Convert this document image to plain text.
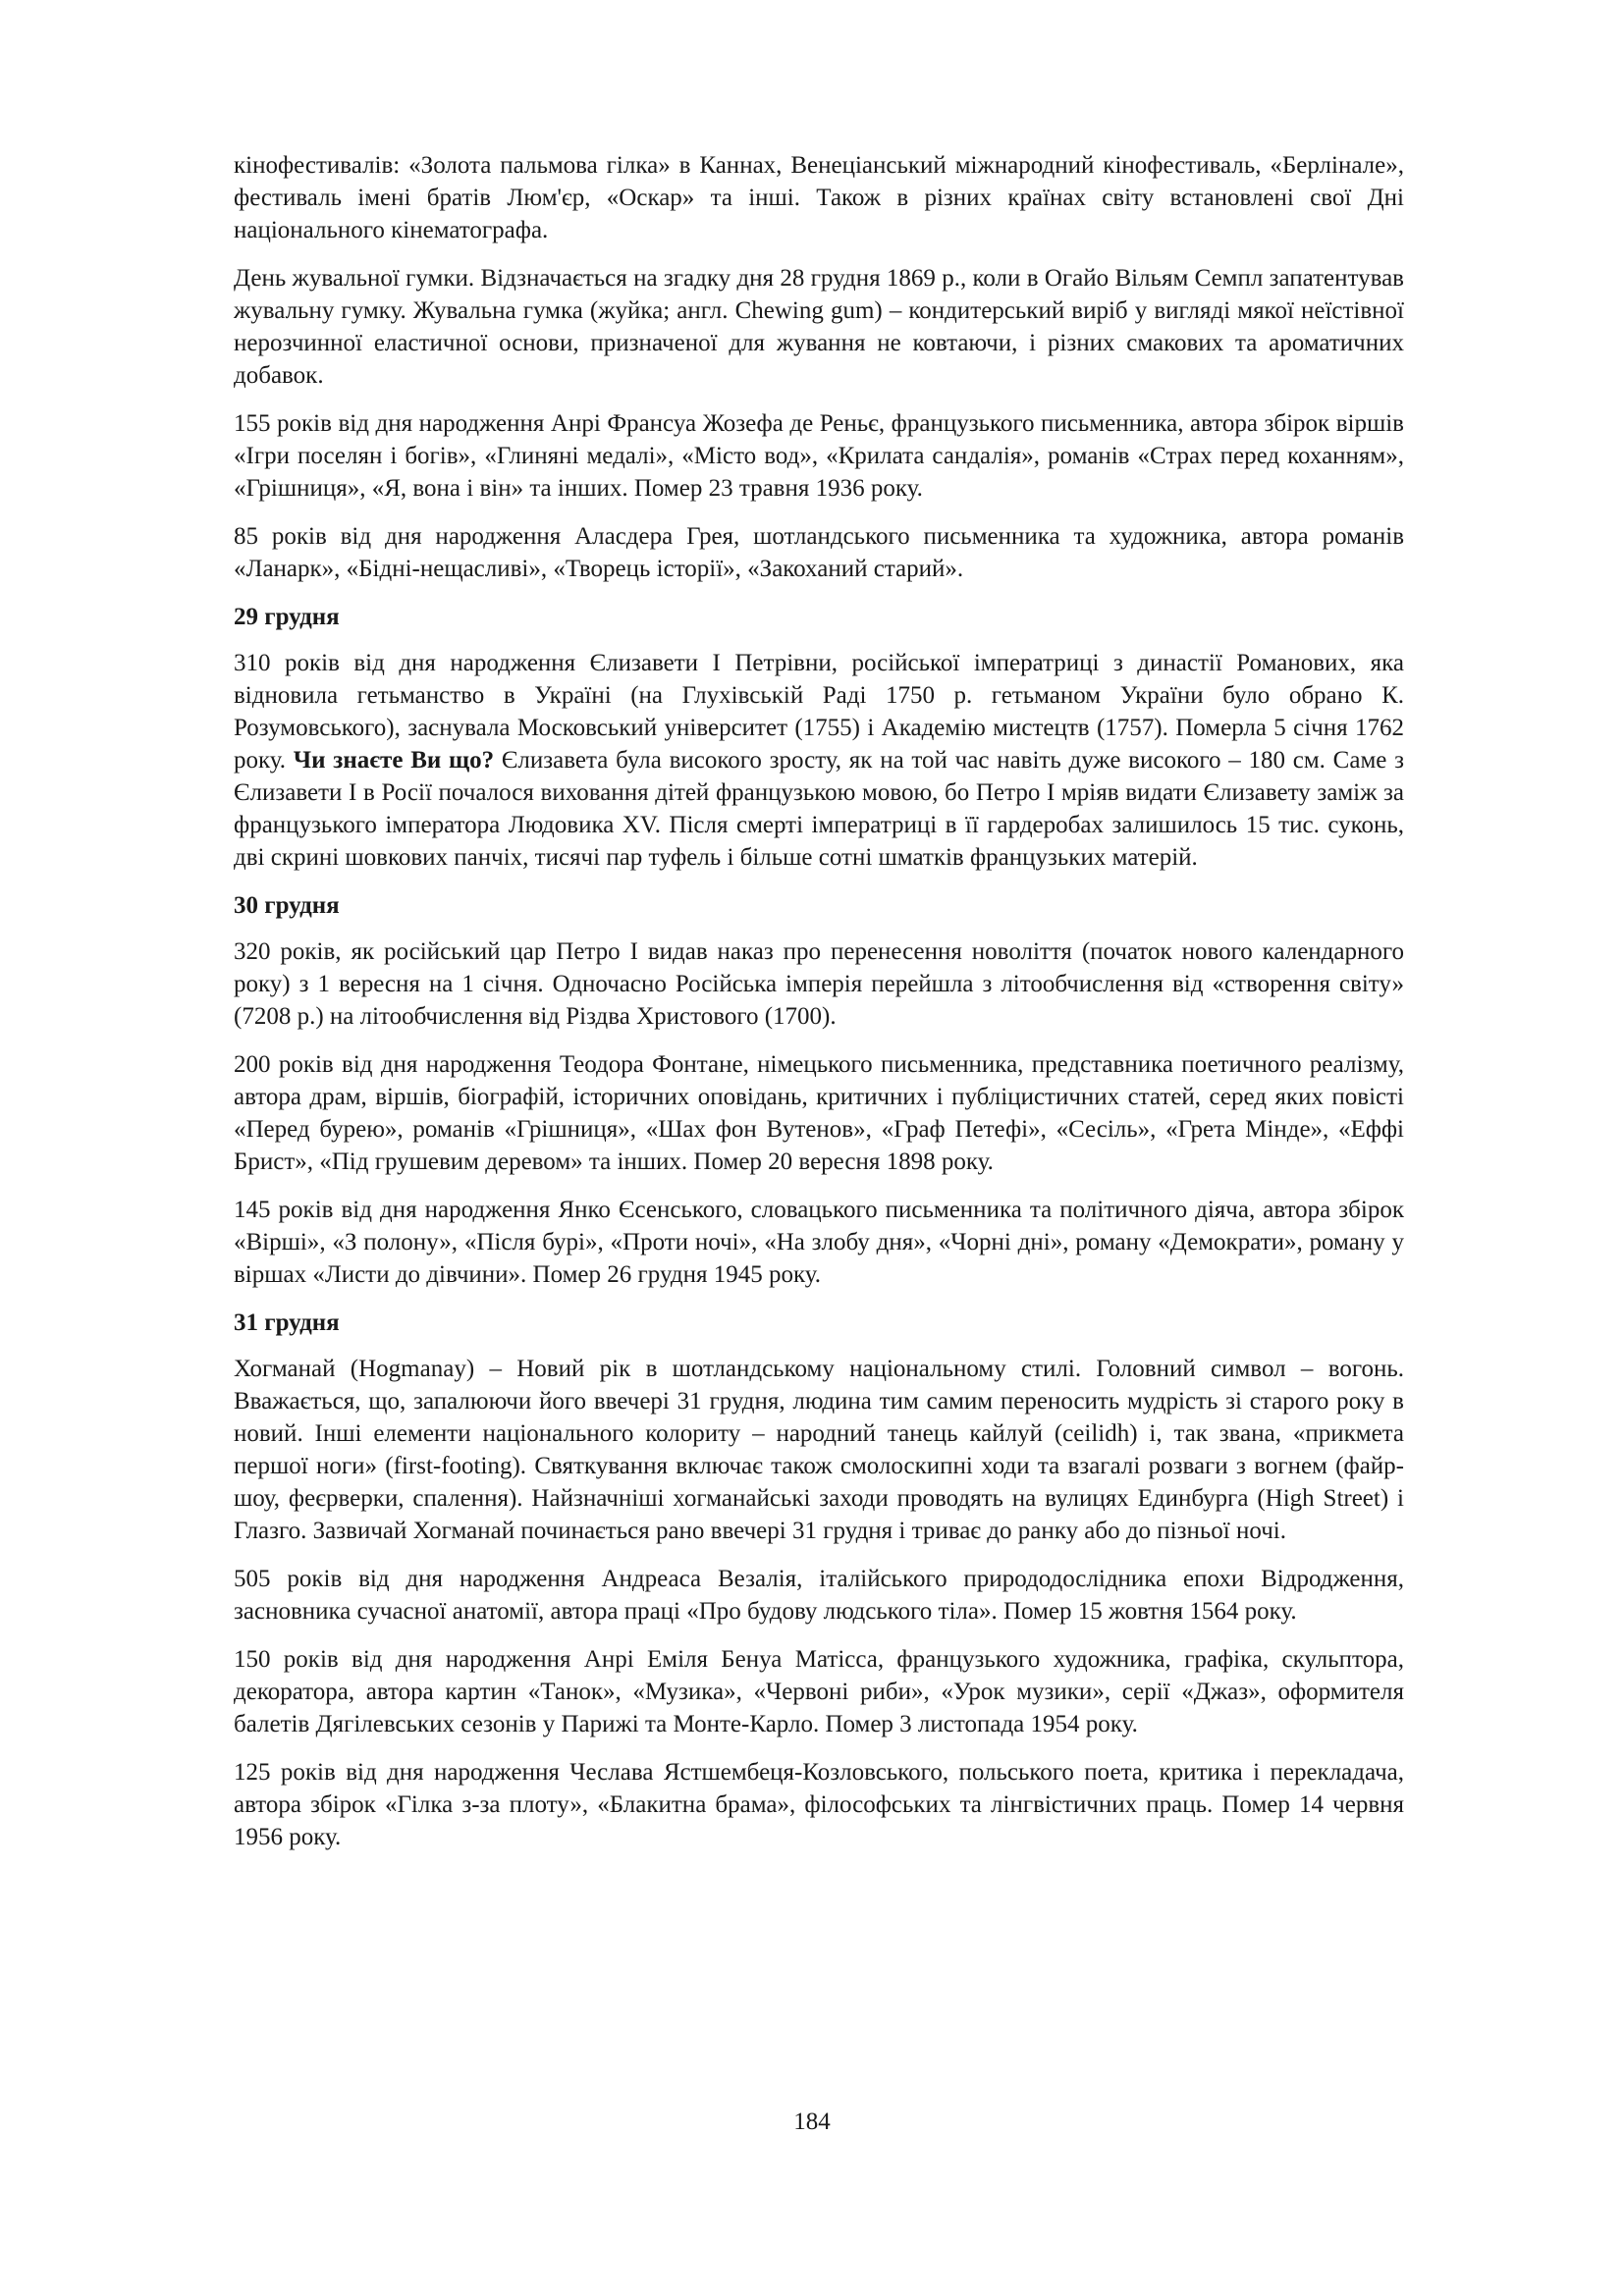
кінофестивалів: «Золота пальмова гілка» в Каннах, Венеціанський міжнародний кінофестиваль, «Берлінале», фестиваль імені братів Люм'єр, «Оскар» та інші. Також в різних країнах світу встановлені свої Дні національного кінематографа.

День жувальної гумки. Відзначається на згадку дня 28 грудня 1869 р., коли в Огайо Вільям Семпл запатентував жувальну гумку. Жувальна гумка (жуйка; англ. Chewing gum) – кондитерський виріб у вигляді мякої неїстівної нерозчинної еластичної основи, призначеної для жування не ковтаючи, і різних смакових та ароматичних добавок.

155 років від дня народження Анрі Франсуа Жозефа де Реньє, французького письменника, автора збірок віршів «Ігри поселян і богів», «Глиняні медалі», «Місто вод», «Крилата сандалія», романів «Страх перед коханням», «Грішниця», «Я, вона і він» та інших. Помер 23 травня 1936 року.

85 років від дня народження Аласдера Грея, шотландського письменника та художника, автора романів «Ланарк», «Бідні-нещасливі», «Творець історії», «Закоханий старий».

29 грудня

310 років від дня народження Єлизавети І Петрівни, російської імператриці з династії Романових, яка відновила гетьманство в Україні (на Глухівській Раді 1750 р. гетьманом України було обрано К. Розумовського), заснувала Московський університет (1755) і Академію мистецтв (1757). Померла 5 січня 1762 року. Чи знаєте Ви що? Єлизавета була високого зросту, як на той час навіть дуже високого – 180 см. Саме з Єлизавети І в Росії почалося виховання дітей французькою мовою, бо Петро І мріяв видати Єлизавету заміж за французького імператора Людовика XV. Після смерті імператриці в її гардеробах залишилось 15 тис. суконь, дві скрині шовкових панчіх, тисячі пар туфель і більше сотні шматків французьких матерій.

30 грудня

320 років, як російський цар Петро І видав наказ про перенесення новоліття (початок нового календарного року) з 1 вересня на 1 січня. Одночасно Російська імперія перейшла з літообчислення від «створення світу» (7208 р.) на літообчислення від Різдва Христового (1700).

200 років від дня народження Теодора Фонтане, німецького письменника, представника поетичного реалізму, автора драм, віршів, біографій, історичних оповідань, критичних і публіцистичних статей, серед яких повісті «Перед бурею», романів «Грішниця», «Шах фон Вутенов», «Граф Петефі», «Сесіль», «Грета Мінде», «Еффі Брист», «Під грушевим деревом» та інших. Помер 20 вересня 1898 року.

145 років від дня народження Янко Єсенського, словацького письменника та політичного діяча, автора збірок «Вірші», «З полону», «Після бурі», «Проти ночі», «На злобу дня», «Чорні дні», роману «Демократи», роману у віршах «Листи до дівчини». Помер 26 грудня 1945 року.

31 грудня

Хогманай (Hogmanay) – Новий рік в шотландському національному стилі. Головний символ – вогонь. Вважається, що, запалюючи його ввечері 31 грудня, людина тим самим переносить мудрість зі старого року в новий. Інші елементи національного колориту – народний танець кайлуй (ceilidh) і, так звана, «прикмета першої ноги» (first-footing). Святкування включає також смолоскипні ходи та взагалі розваги з вогнем (файр-шоу, феєрверки, спалення). Найзначніші хогманайські заходи проводять на вулицях Единбурга (High Street) і Глазго. Зазвичай Хогманай починається рано ввечері 31 грудня і триває до ранку або до пізньої ночі.

505 років від дня народження Андреаса Везалія, італійського природодослідника епохи Відродження, засновника сучасної анатомії, автора праці «Про будову людського тіла». Помер 15 жовтня 1564 року.

150 років від дня народження Анрі Еміля Бенуа Матісса, французького художника, графіка, скульптора, декоратора, автора картин «Танок», «Музика», «Червоні риби», «Урок музики», серії «Джаз», оформителя балетів Дягілевських сезонів у Парижі та Монте-Карло. Помер 3 листопада 1954 року.

125 років від дня народження Чеслава Ястшембеця-Козловського, польського поета, критика і перекладача, автора збірок «Гілка з-за плоту», «Блакитна брама», філософських та лінгвістичних праць. Помер 14 червня 1956 року.

184
